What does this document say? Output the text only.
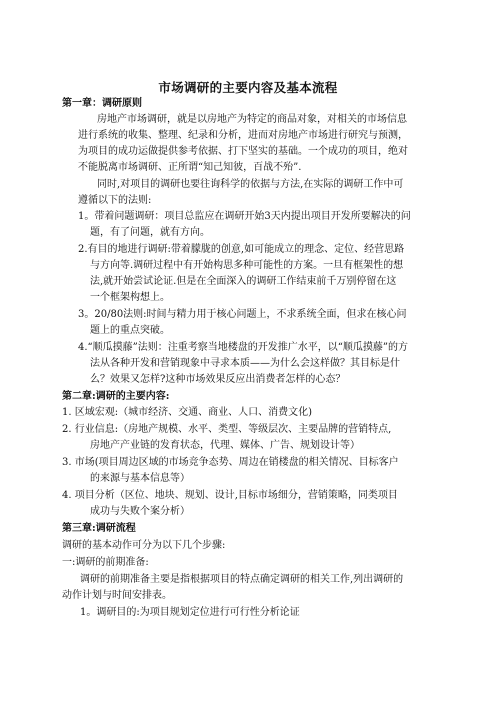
市场调研的主要内容及基本流程
第一章：调研原则
房地产市场调研，就是以房地产为特定的商品对象，对相关的市场信息
进行系统的收集、整理、纪录和分析，进而对房地产市场进行研究与预测，
为项目的成功运做提供参考依据、打下坚实的基础。一个成功的项目，绝对
不能脱离市场调研、正所谓“知己知彼，百战不殆”.
同时,对项目的调研也要往询科学的依据与方法,在实际的调研工作中可
遵循以下的法则:
1。带着问题调研：项目总监应在调研开始3天内提出项目开发所要解决的问
题，有了问题，就有方向。
2.有目的地进行调研:带着朦胧的创意,如可能成立的理念、定位、经营思路
与方向等.调研过程中有开始构思多种可能性的方案。一旦有框架性的想
法,就开始尝试论证.但是在全面深入的调研工作结束前千万别停留在这
一个框架构想上。
3。20/80法则:时间与精力用于核心问题上，不求系统全面，但求在核心问
题上的重点突破。
4.“顺瓜摸藤”法则：注重考察当地楼盘的开发推广水平，以“顺瓜摸藤”的方
法从各种开发和营销现象中寻求本质——为什么会这样做？其目标是什
么？效果又怎样?这种市场效果反应出消费者怎样的心态？
第二章:调研的主要内容:
1. 区域宏观:（城市经济、交通、商业、人口、消费文化)
2. 行业信息:（房地产规模、水平、类型、等级层次、主要品牌的营销特点,
房地产产业链的发育状态，代理、媒体、广告、规划设计等）
3. 市场(项目周边区域的市场竞争态势、周边在销楼盘的相关情况、目标客户
的来源与基本信息等）
4. 项目分析（区位、地块、规划、设计,目标市场细分，营销策略，同类项目
成功与失败个案分析）
第三章:调研流程
调研的基本动作可分为以下几个步骤:
一:调研的前期准备:
调研的前期准备主要是指根据项目的特点确定调研的相关工作,列出调研的
动作计划与时间安排表。
1。调研目的:为项目规划定位进行可行性分析论证
